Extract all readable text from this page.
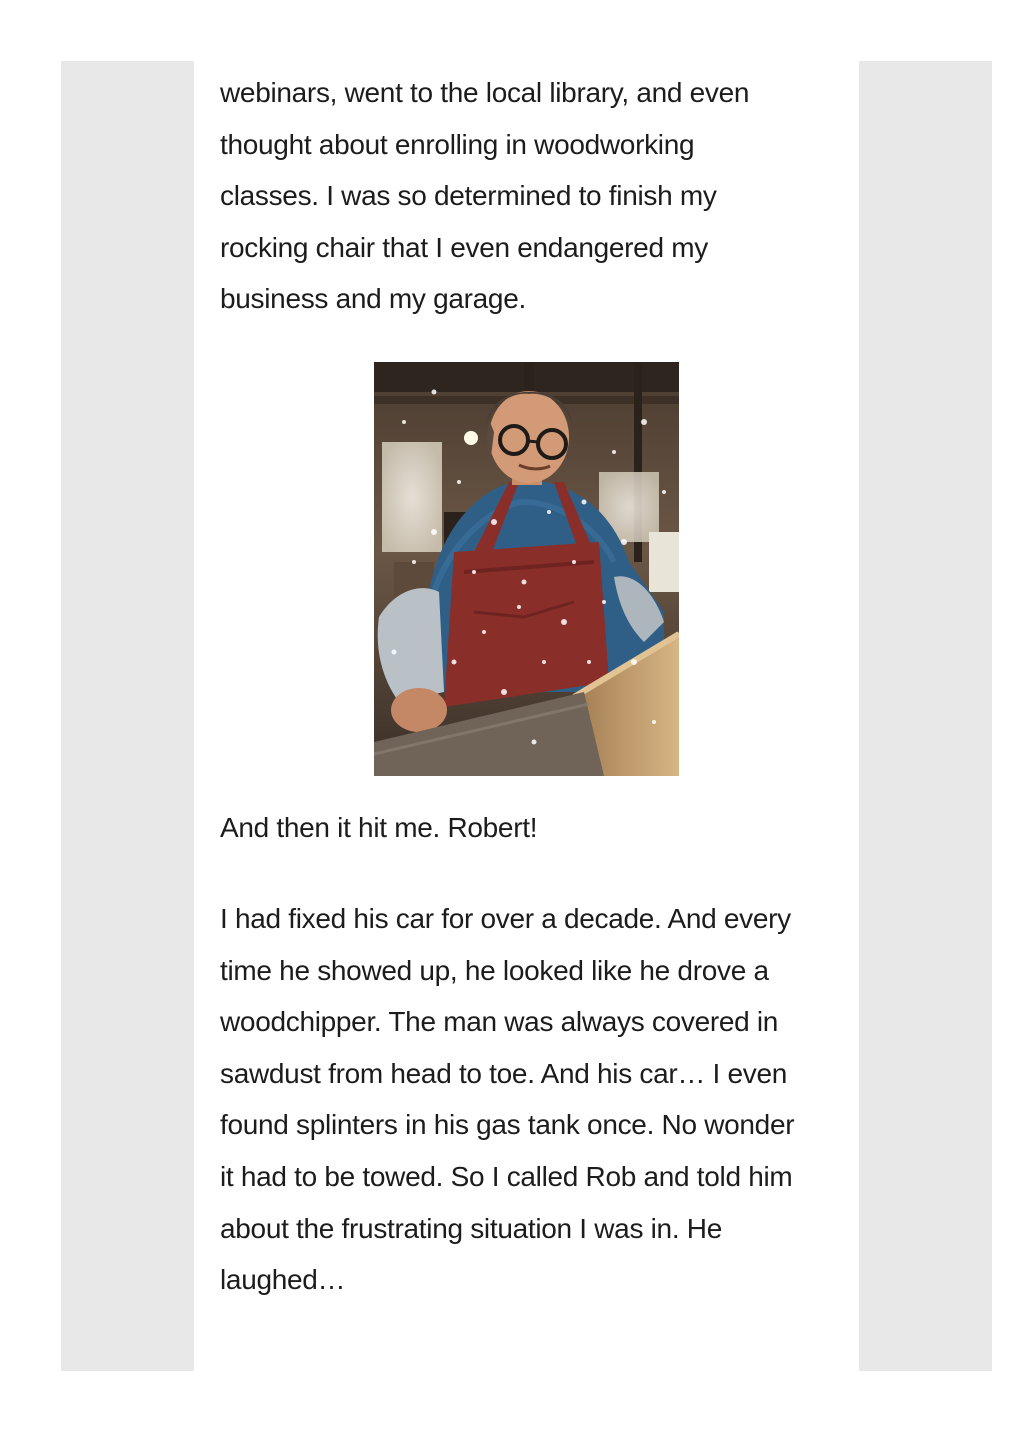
webinars, went to the local library, and even
thought about enrolling in woodworking
classes. I was so determined to finish my
rocking chair that I even endangered my
business and my garage.

And then it hit me. Robert!

I had fixed his car for over a decade. And every
time he showed up, he looked like he drove a
woodchipper. The man was always covered in
sawdust from head to toe. And his car… I even
found splinters in his gas tank once. No wonder
it had to be towed. So I called Rob and told him
about the frustrating situation I was in. He
laughed…
